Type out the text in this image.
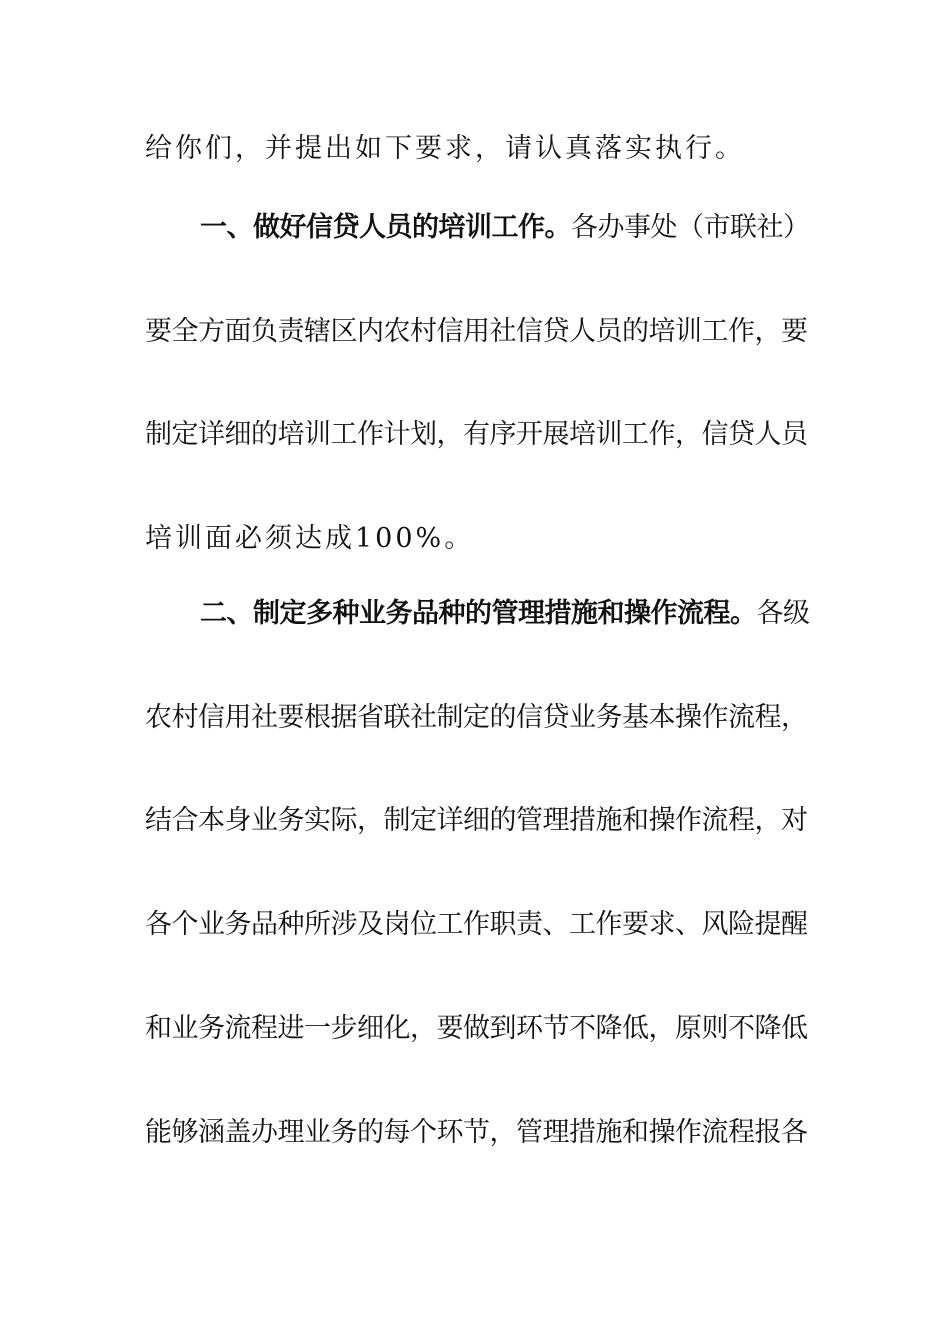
给你们，并提出如下要求，请认真落实执行。
一、做好信贷人员的培训工作。各办事处（市联社）
要全方面负责辖区内农村信用社信贷人员的培训工作，要
制定详细的培训工作计划，有序开展培训工作，信贷人员
培训面必须达成100%。
二、制定多种业务品种的管理措施和操作流程。各级
农村信用社要根据省联社制定的信贷业务基本操作流程，
结合本身业务实际，制定详细的管理措施和操作流程，对
各个业务品种所涉及岗位工作职责、工作要求、风险提醒
和业务流程进一步细化，要做到环节不降低，原则不降低
能够涵盖办理业务的每个环节，管理措施和操作流程报各
